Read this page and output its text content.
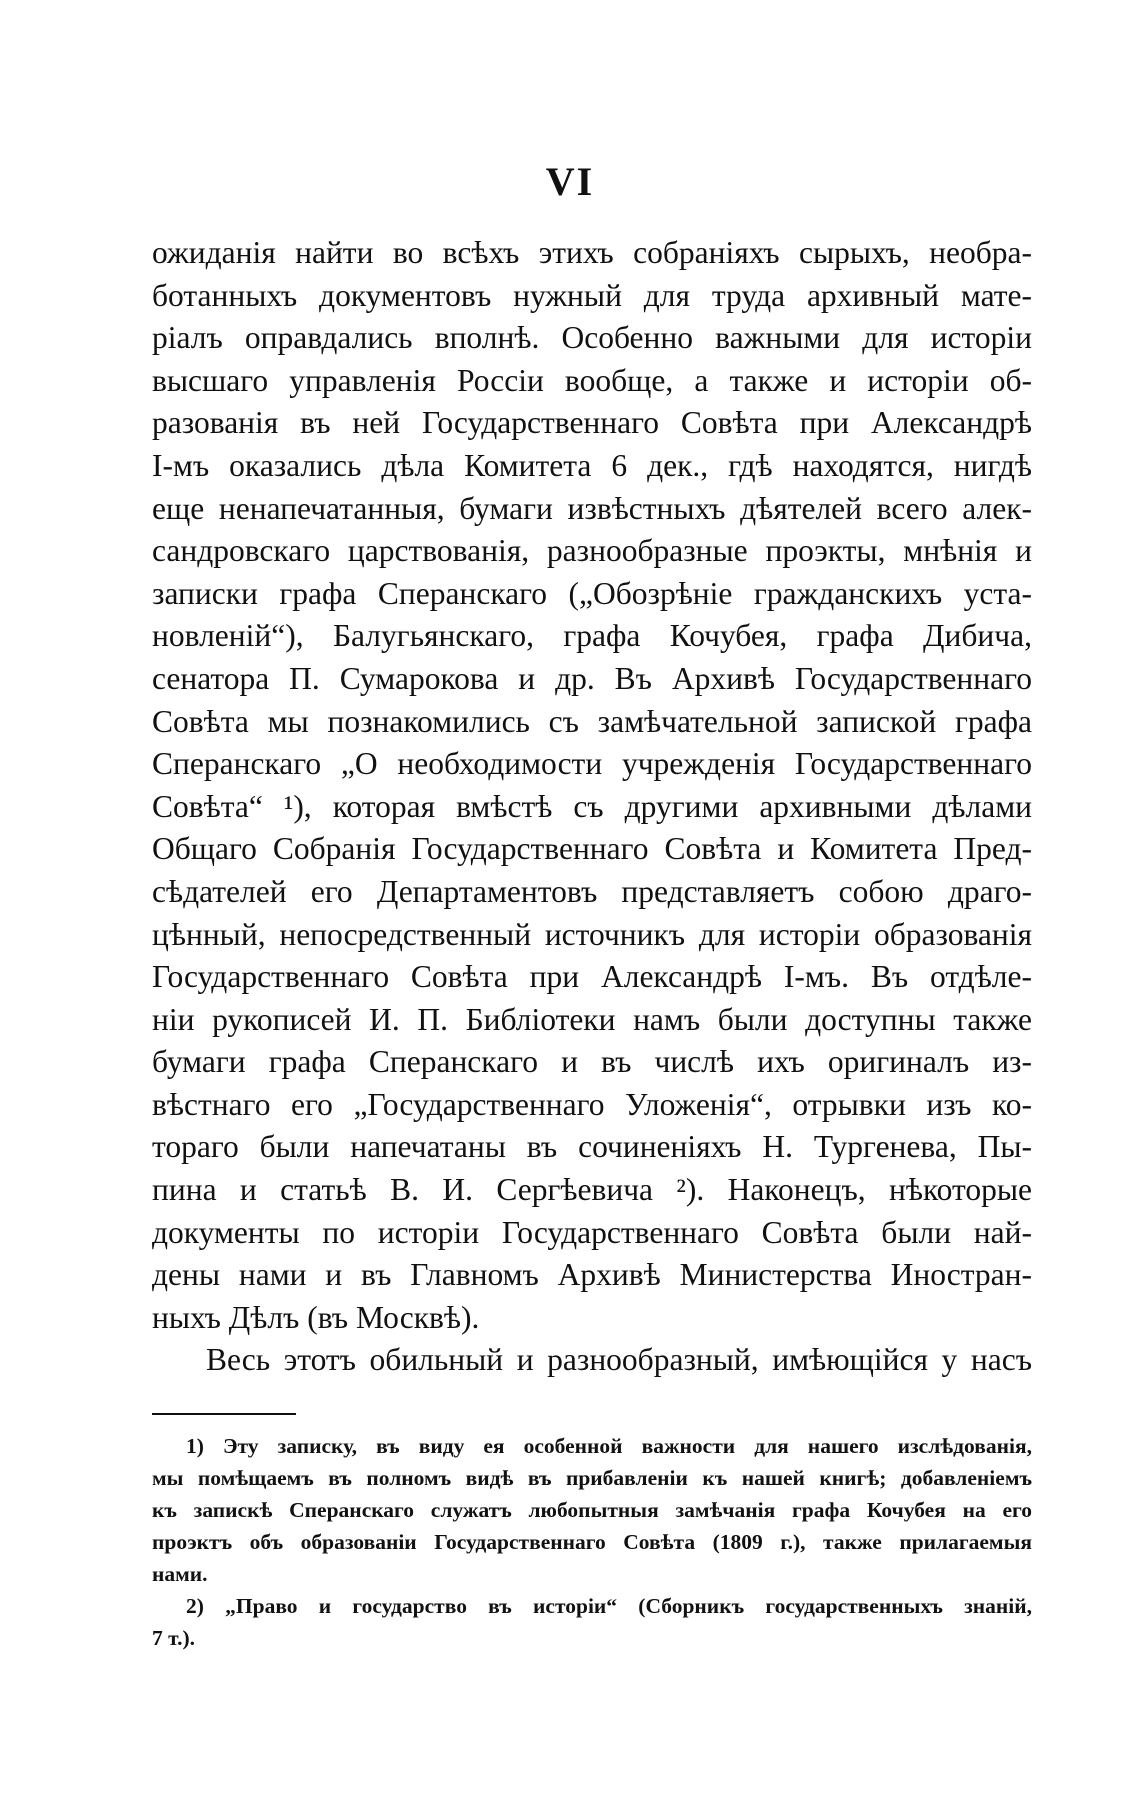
VI
ожиданія найти во всѣхъ этихъ собраніяхъ сырыхъ, необра-
ботанныхъ документовъ нужный для труда архивный мате-
ріалъ оправдались вполнѣ. Особенно важными для исторіи
высшаго управленія Россіи вообще, а также и исторіи об-
разованія въ ней Государственнаго Совѣта при Александрѣ
І-мъ оказались дѣла Комитета 6 дек., гдѣ находятся, нигдѣ
еще ненапечатанныя, бумаги извѣстныхъ дѣятелей всего алек-
сандровскаго царствованія, разнообразные проэкты, мнѣнія и
записки графа Сперанскаго („Обозрѣніе гражданскихъ уста-
новленій“), Балугьянскаго, графа Кочубея, графа Дибича,
сенатора П. Сумарокова и др. Въ Архивѣ Государственнаго
Совѣта мы познакомились съ замѣчательной запиской графа
Сперанскаго „О необходимости учрежденія Государственнаго
Совѣта“ ¹), которая вмѣстѣ съ другими архивными дѣлами
Общаго Собранія Государственнаго Совѣта и Комитета Пред-
сѣдателей его Департаментовъ представляетъ собою драго-
цѣнный, непосредственный источникъ для исторіи образованія
Государственнаго Совѣта при Александрѣ І-мъ. Въ отдѣле-
ніи рукописей И. П. Библіотеки намъ были доступны также
бумаги графа Сперанскаго и въ числѣ ихъ оригиналъ из-
вѣстнаго его „Государственнаго Уложенія“, отрывки изъ ко-
тораго были напечатаны въ сочиненіяхъ Н. Тургенева, Пы-
пина и статьѣ В. И. Сергѣевича ²). Наконецъ, нѣкоторые
документы по исторіи Государственнаго Совѣта были най-
дены нами и въ Главномъ Архивѣ Министерства Иностран-
ныхъ Дѣлъ (въ Москвѣ).
Весь этотъ обильный и разнообразный, имѣющійся у насъ
1) Эту записку, въ виду ея особенной важности для нашего изслѣдованія,
мы помѣщаемъ въ полномъ видѣ въ прибавленіи къ нашей книгѣ; добавленіемъ
къ запискѣ Сперанскаго служатъ любопытныя замѣчанія графа Кочубея на его
проэктъ объ образованіи Государственнаго Совѣта (1809 г.), также прилагаемыя
нами.
2) „Право и государство въ исторіи“ (Сборникъ государственныхъ знаній,
7 т.).
